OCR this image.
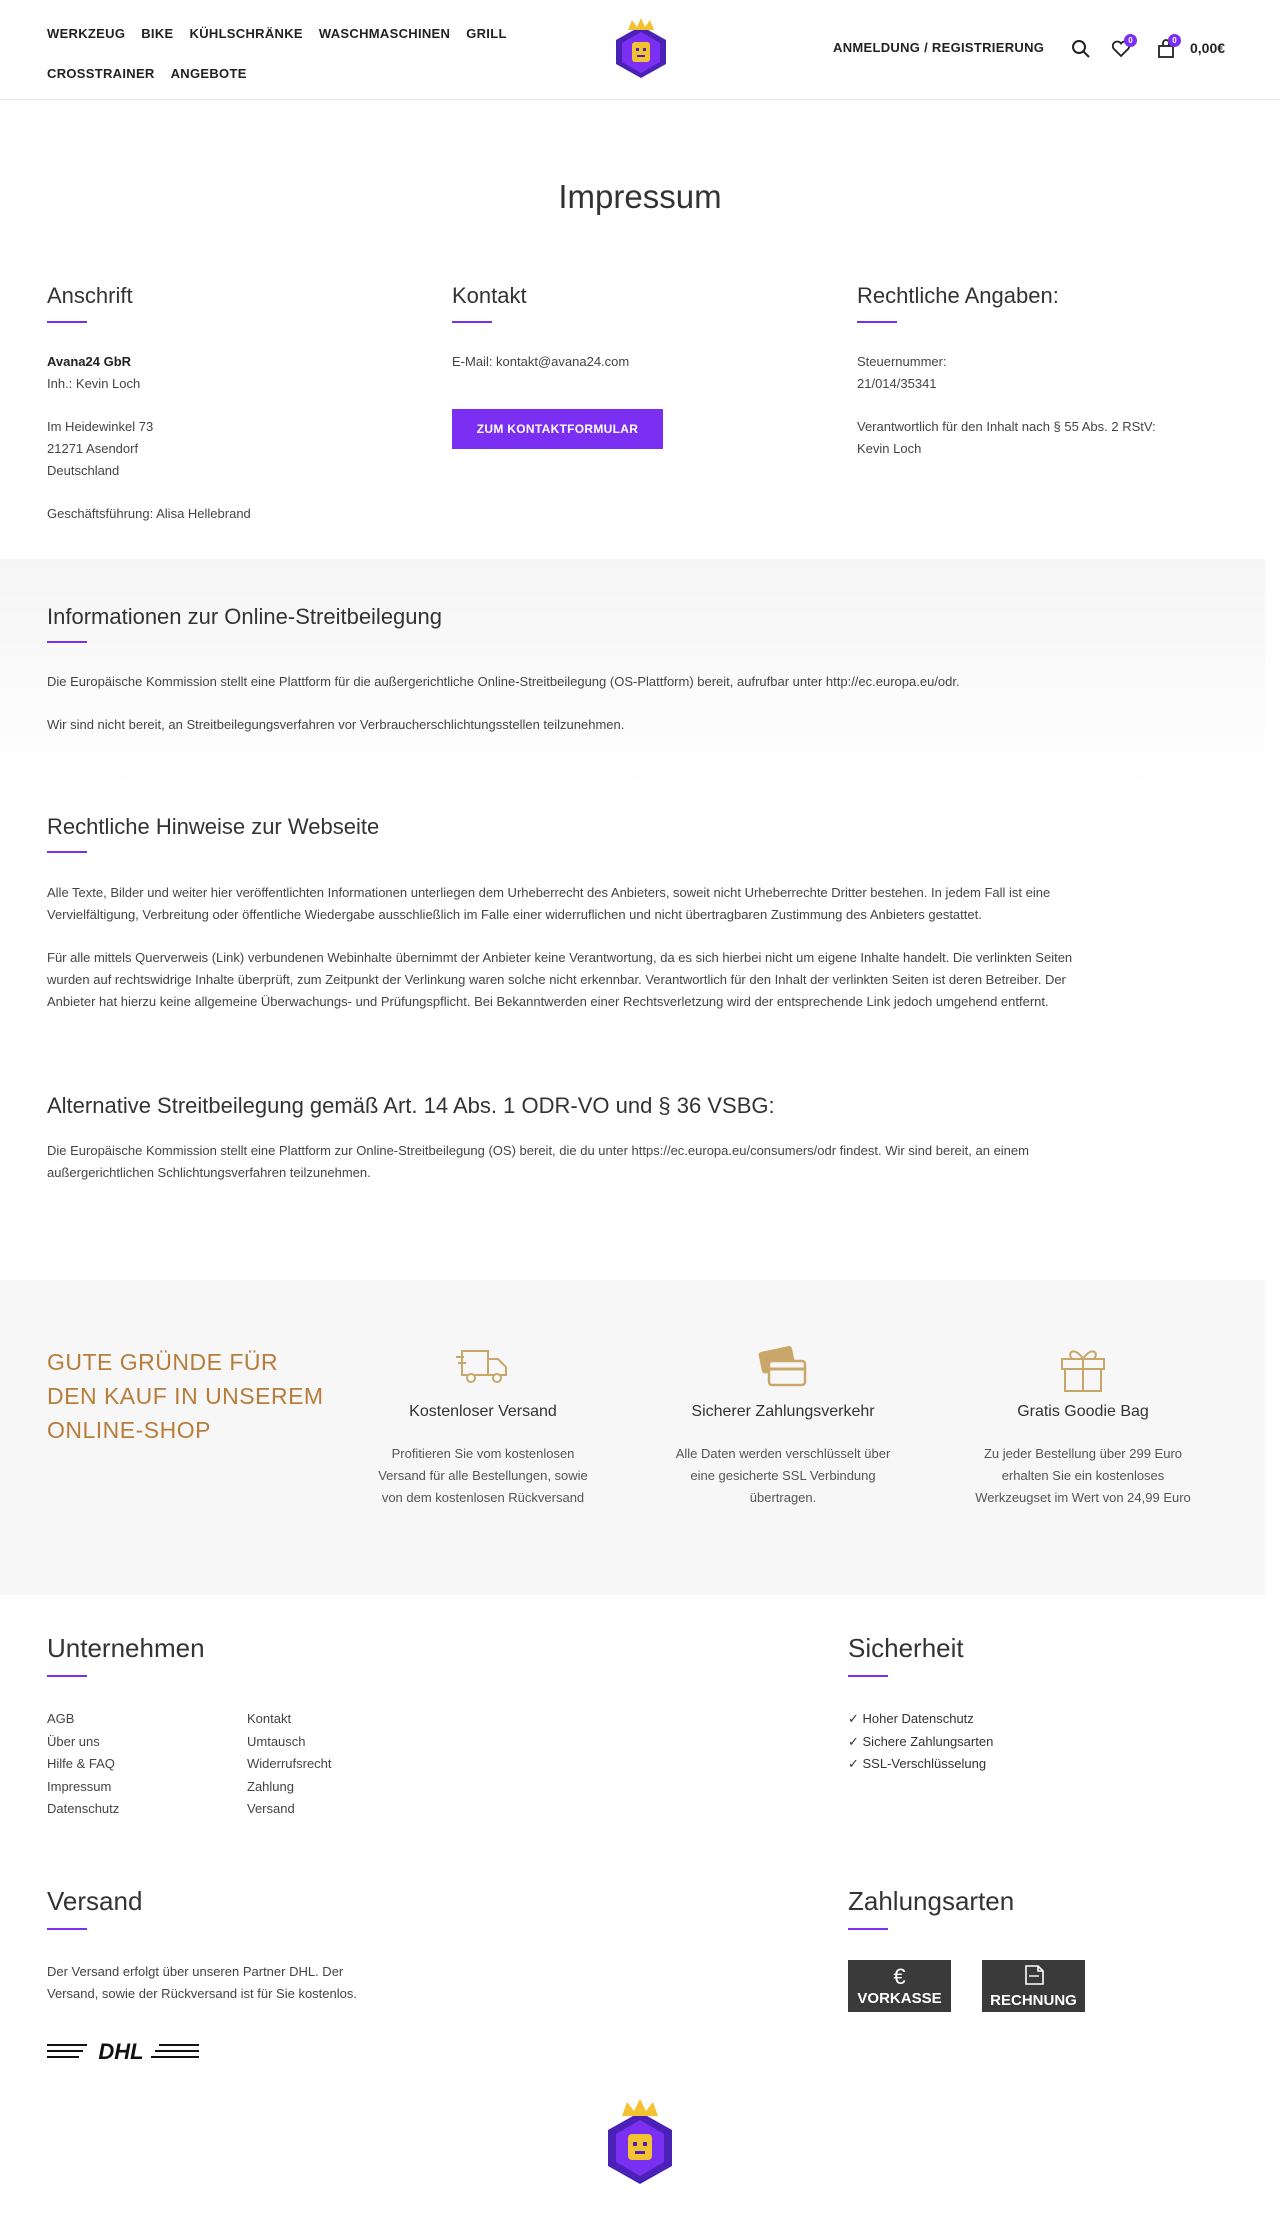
WERKZEUG BIKE KÜHLSCHRÄNKE WASCHMASCHINEN GRILL
CROSSTRAINER ANGEBOTE
ANMELDUNG / REGISTRIERUNG	0	0 0,00€
Impressum
Anschrift
Avana24 GbR
Inh.: Kevin Loch
Im Heidewinkel 73
21271 Asendorf
Deutschland
Geschäftsführung: Alisa Hellebrand
Kontakt
E-Mail: kontakt@avana24.com
ZUM KONTAKTFORMULAR
Rechtliche Angaben:
Steuernummer:
21/014/35341
Verantwortlich für den Inhalt nach § 55 Abs. 2 RStV:
Kevin Loch
Informationen zur Online-Streitbeilegung
Die Europäische Kommission stellt eine Plattform für die außergerichtliche Online-Streitbeilegung (OS-Plattform) bereit, aufrufbar unter http://ec.europa.eu/odr.
Wir sind nicht bereit, an Streitbeilegungsverfahren vor Verbraucherschlichtungsstellen teilzunehmen.
Rechtliche Hinweise zur Webseite
Alle Texte, Bilder und weiter hier veröffentlichten Informationen unterliegen dem Urheberrecht des Anbieters, soweit nicht Urheberrechte Dritter bestehen. In jedem Fall ist eine
Vervielfältigung, Verbreitung oder öffentliche Wiedergabe ausschließlich im Falle einer widerruflichen und nicht übertragbaren Zustimmung des Anbieters gestattet.
Für alle mittels Querverweis (Link) verbundenen Webinhalte übernimmt der Anbieter keine Verantwortung, da es sich hierbei nicht um eigene Inhalte handelt. Die verlinkten Seiten
wurden auf rechtswidrige Inhalte überprüft, zum Zeitpunkt der Verlinkung waren solche nicht erkennbar. Verantwortlich für den Inhalt der verlinkten Seiten ist deren Betreiber. Der
Anbieter hat hierzu keine allgemeine Überwachungs- und Prüfungspflicht. Bei Bekanntwerden einer Rechtsverletzung wird der entsprechende Link jedoch umgehend entfernt.
Alternative Streitbeilegung gemäß Art. 14 Abs. 1 ODR-VO und § 36 VSBG:
Die Europäische Kommission stellt eine Plattform zur Online-Streitbeilegung (OS) bereit, die du unter https://ec.europa.eu/consumers/odr findest. Wir sind bereit, an einem
außergerichtlichen Schlichtungsverfahren teilzunehmen.
GUTE GRÜNDE FÜR
DEN KAUF IN UNSEREM
ONLINE-SHOP
Kostenloser Versand
Profitieren Sie vom kostenlosen
Versand für alle Bestellungen, sowie
von dem kostenlosen Rückversand
Sicherer Zahlungsverkehr
Alle Daten werden verschlüsselt über
eine gesicherte SSL Verbindung
übertragen.
Gratis Goodie Bag
Zu jeder Bestellung über 299 Euro
erhalten Sie ein kostenloses
Werkzeugset im Wert von 24,99 Euro
Unternehmen
AGB
Über uns
Hilfe & FAQ
Impressum
Datenschutz
Kontakt
Umtausch
Widerrufsrecht
Zahlung
Versand
Sicherheit
✓ Hoher Datenschutz
✓ Sichere Zahlungsarten
✓ SSL-Verschlüsselung
Versand
Der Versand erfolgt über unseren Partner DHL. Der
Versand, sowie der Rückversand ist für Sie kostenlos.
DHL
Zahlungsarten
€
VORKASSE	RECHNUNG
